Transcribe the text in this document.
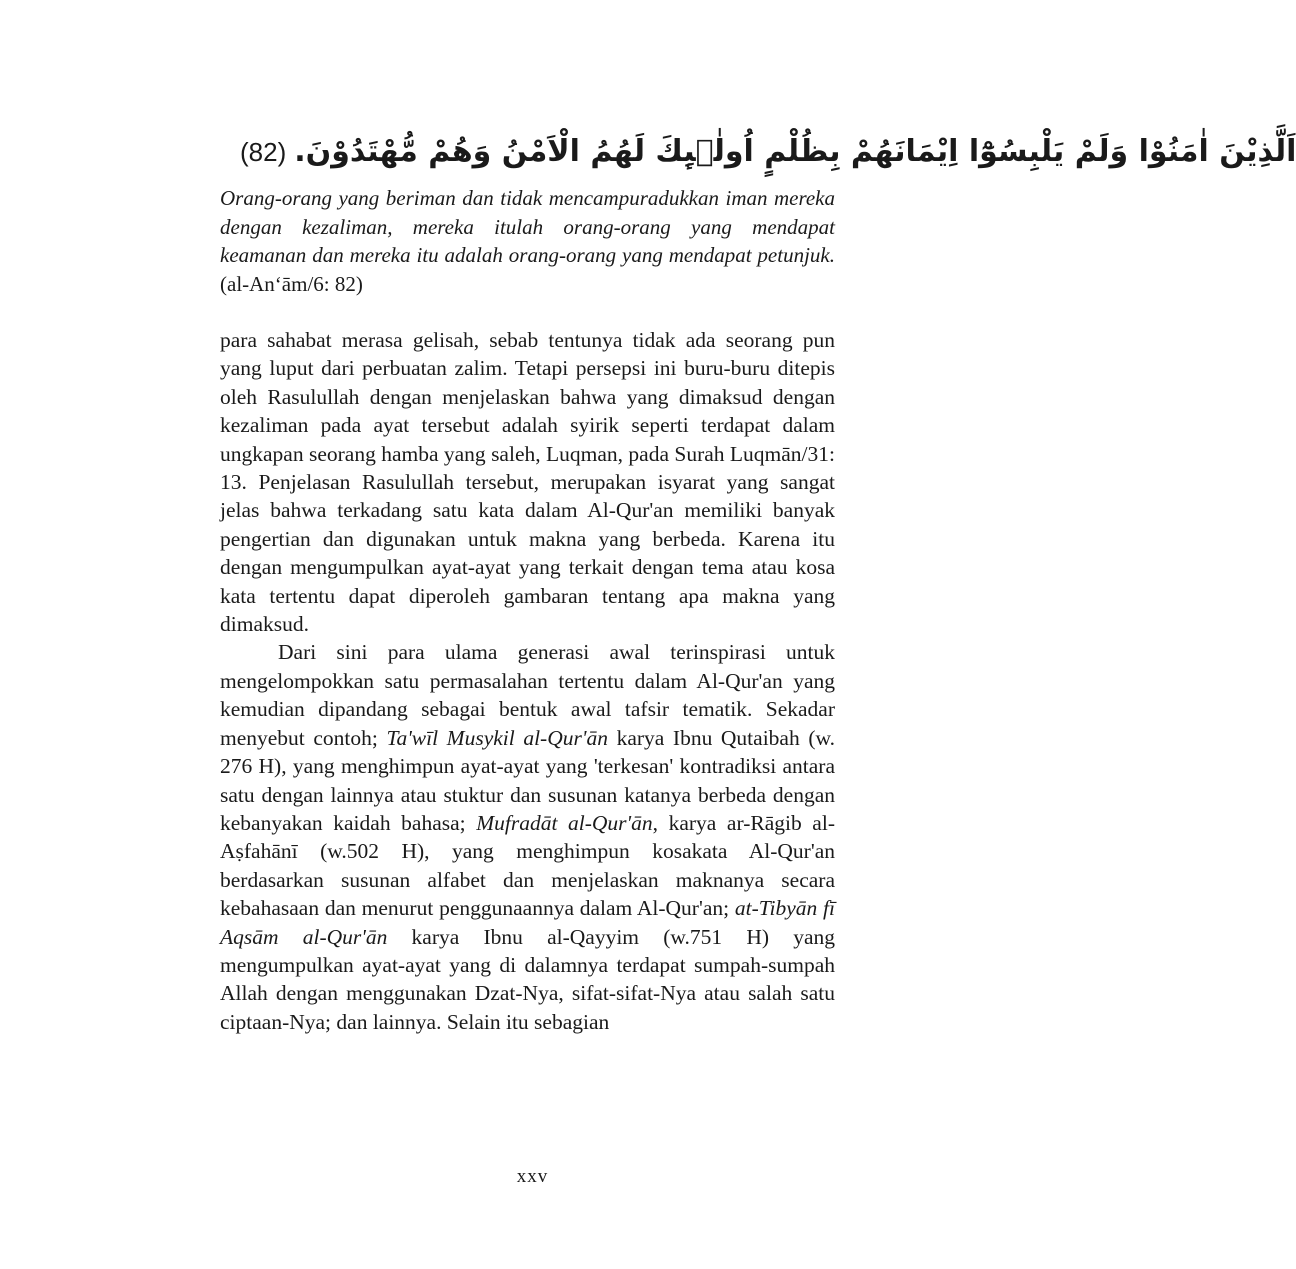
(82) .اَلَّذِيْنَ اٰمَنُوْا وَلَمْ يَلْبِسُوْٓا اِيْمَانَهُمْ بِظُلْمٍ اُولٰۤىِٕكَ لَهُمُ الْاَمْنُ وَهُمْ مُّهْتَدُوْنَ
Orang-orang yang beriman dan tidak mencampuradukkan iman mereka dengan kezaliman, mereka itulah orang-orang yang mendapat keamanan dan mereka itu adalah orang-orang yang mendapat petunjuk. (al-An‘ām/6: 82)

para sahabat merasa gelisah, sebab tentunya tidak ada seorang pun yang luput dari perbuatan zalim. Tetapi persepsi ini buru-buru ditepis oleh Rasulullah dengan menjelaskan bahwa yang dimaksud dengan kezaliman pada ayat tersebut adalah syirik seperti terdapat dalam ungkapan seorang hamba yang saleh, Luqman, pada Surah Luqmān/31: 13. Penjelasan Rasulullah tersebut, merupakan isyarat yang sangat jelas bahwa terkadang satu kata dalam Al-Qur'an memiliki banyak pengertian dan digunakan untuk makna yang berbeda. Karena itu dengan mengumpulkan ayat-ayat yang terkait dengan tema atau kosa kata tertentu dapat diperoleh gambaran tentang apa makna yang dimaksud.

Dari sini para ulama generasi awal terinspirasi untuk mengelompokkan satu permasalahan tertentu dalam Al-Qur'an yang kemudian dipandang sebagai bentuk awal tafsir tematik. Sekadar menyebut contoh; Ta'wīl Musykil al-Qur'ān karya Ibnu Qutaibah (w. 276 H), yang menghimpun ayat-ayat yang 'terkesan' kontradiksi antara satu dengan lainnya atau stuktur dan susunan katanya berbeda dengan kebanyakan kaidah bahasa; Mufradāt al-Qur'ān, karya ar-Rāgib al-Aṣfahānī (w.502 H), yang menghimpun kosakata Al-Qur'an berdasarkan susunan alfabet dan menjelaskan maknanya secara kebahasaan dan menurut penggunaannya dalam Al-Qur'an; at-Tibyān fī Aqsām al-Qur'ān karya Ibnu al-Qayyim (w.751 H) yang mengumpulkan ayat-ayat yang di dalamnya terdapat sumpah-sumpah Allah dengan menggunakan Dzat-Nya, sifat-sifat-Nya atau salah satu ciptaan-Nya; dan lainnya. Selain itu sebagian

xxv
